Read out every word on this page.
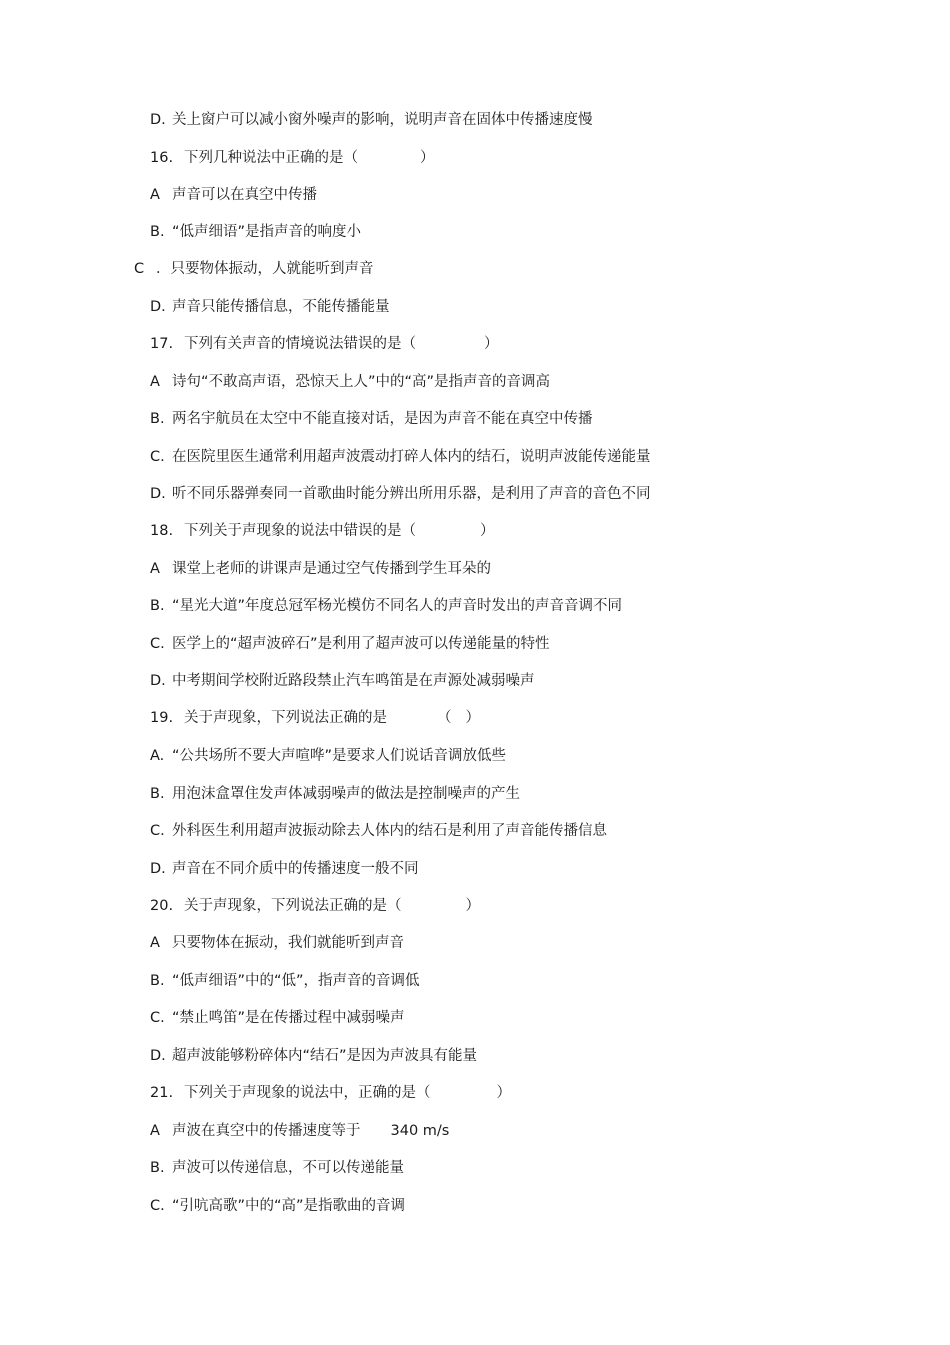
D. 关上窗户可以减小窗外噪声的影响，说明声音在固体中传播速度慢
16. 下列几种说法中正确的是（	）
A 声音可以在真空中传播
B. “低声细语”是指声音的响度小
C ．只要物体振动，人就能听到声音
D. 声音只能传播信息，不能传播能量
17. 下列有关声音的情境说法错误的是（	）
A 诗句“不敢高声语，恐惊天上人”中的“高”是指声音的音调高
B. 两名宇航员在太空中不能直接对话，是因为声音不能在真空中传播
C. 在医院里医生通常利用超声波震动打碎人体内的结石，说明声波能传递能量
D. 听不同乐器弹奏同一首歌曲时能分辨出所用乐器，是利用了声音的音色不同
18. 下列关于声现象的说法中错误的是（	）
A 课堂上老师的讲课声是通过空气传播到学生耳朵的
B. “星光大道”年度总冠军杨光模仿不同名人的声音时发出的声音音调不同
C. 医学上的“超声波碎石”是利用了超声波可以传递能量的特性
D. 中考期间学校附近路段禁止汽车鸣笛是在声源处减弱噪声
19. 关于声现象，下列说法正确的是	（ ）
A. “公共场所不要大声喧哗”是要求人们说话音调放低些
B. 用泡沫盒罩住发声体减弱噪声的做法是控制噪声的产生
C. 外科医生利用超声波振动除去人体内的结石是利用了声音能传播信息
D. 声音在不同介质中的传播速度一般不同
20. 关于声现象，下列说法正确的是（	）
A 只要物体在振动，我们就能听到声音
B. “低声细语”中的“低”，指声音的音调低
C. “禁止鸣笛”是在传播过程中减弱噪声
D. 超声波能够粉碎体内“结石”是因为声波具有能量
21. 下列关于声现象的说法中，正确的是（	）
A 声波在真空中的传播速度等于 340 m/s
B. 声波可以传递信息，不可以传递能量
C. “引吭高歌”中的“高”是指歌曲的音调
